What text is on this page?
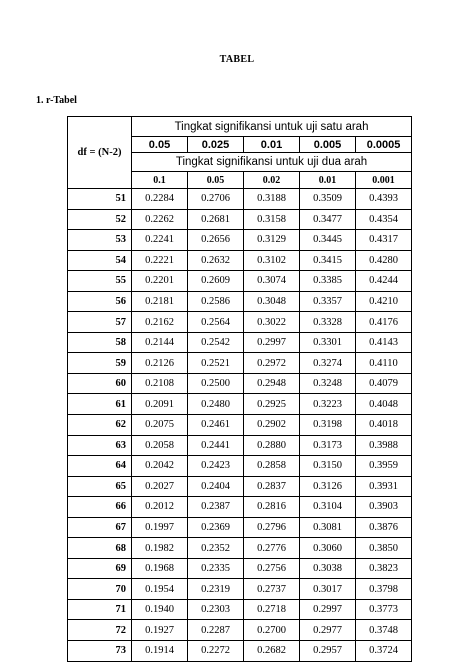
TABEL
1. r-Tabel
df = (N-2)	Tingkat signifikansi untuk uji satu arah				
	0.05	0.025	0.01	0.005	0.0005
	Tingkat signifikansi untuk uji dua arah				
	0.1	0.05	0.02	0.01	0.001
51	0.2284	0.2706	0.3188	0.3509	0.4393
52	0.2262	0.2681	0.3158	0.3477	0.4354
53	0.2241	0.2656	0.3129	0.3445	0.4317
54	0.2221	0.2632	0.3102	0.3415	0.4280
55	0.2201	0.2609	0.3074	0.3385	0.4244
56	0.2181	0.2586	0.3048	0.3357	0.4210
57	0.2162	0.2564	0.3022	0.3328	0.4176
58	0.2144	0.2542	0.2997	0.3301	0.4143
59	0.2126	0.2521	0.2972	0.3274	0.4110
60	0.2108	0.2500	0.2948	0.3248	0.4079
61	0.2091	0.2480	0.2925	0.3223	0.4048
62	0.2075	0.2461	0.2902	0.3198	0.4018
63	0.2058	0.2441	0.2880	0.3173	0.3988
64	0.2042	0.2423	0.2858	0.3150	0.3959
65	0.2027	0.2404	0.2837	0.3126	0.3931
66	0.2012	0.2387	0.2816	0.3104	0.3903
67	0.1997	0.2369	0.2796	0.3081	0.3876
68	0.1982	0.2352	0.2776	0.3060	0.3850
69	0.1968	0.2335	0.2756	0.3038	0.3823
70	0.1954	0.2319	0.2737	0.3017	0.3798
71	0.1940	0.2303	0.2718	0.2997	0.3773
72	0.1927	0.2287	0.2700	0.2977	0.3748
73	0.1914	0.2272	0.2682	0.2957	0.3724
